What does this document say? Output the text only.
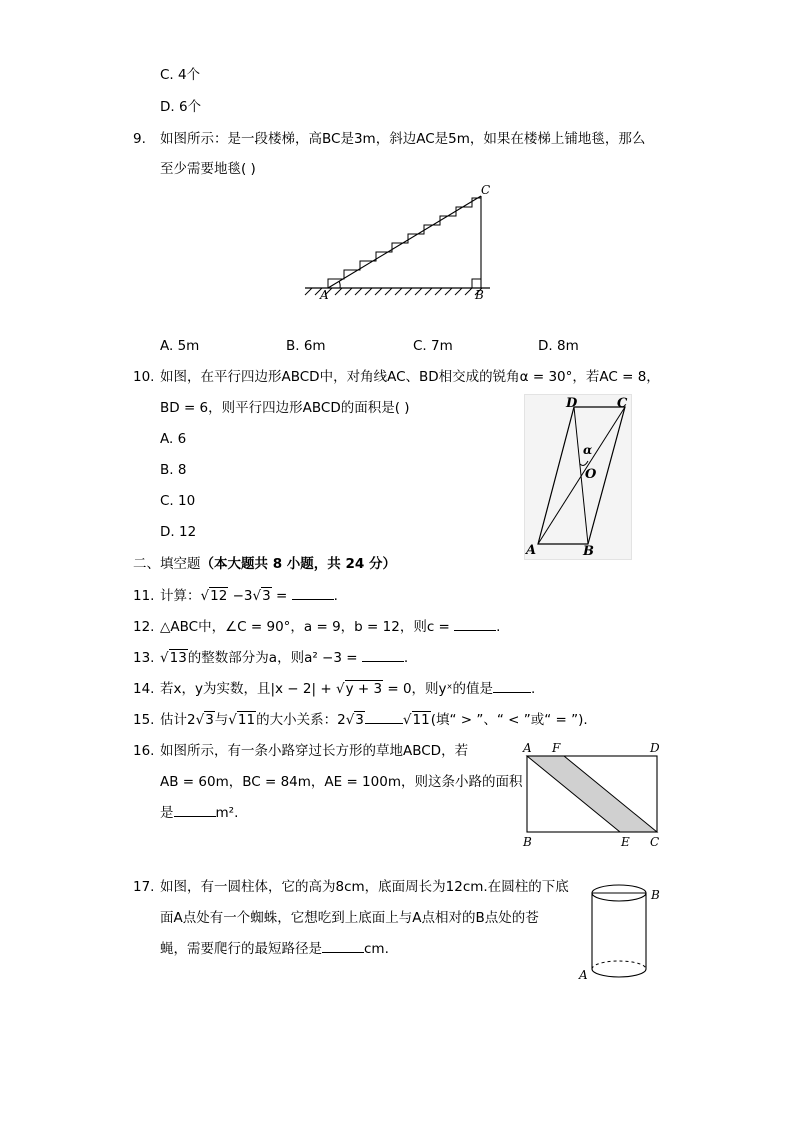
C. 4个
D. 6个
9. 如图所示：是一段楼梯，高BC是3m，斜边AC是5m，如果在楼梯上铺地毯，那么
至少需要地毯( )
A	B
C
A. 5m	B. 6m	C. 7m	D. 8m
10. 如图，在平行四边形ABCD中，对角线AC、BD相交成的锐角α = 30°，若AC = 8，
BD = 6，则平行四边形ABCD的面积是( )
A. 6
B. 8
C. 10
D. 12
D	C
α
O
A	B
二、填空题（本大题共 8 小题，共 24 分）
11. 计算：√12 −3√3 =	.
12. △ABC中，∠C = 90°，a = 9，b = 12，则c =	.
13. √13的整数部分为a，则a² −3 =	.
14. 若x，y为实数，且|x − 2| + √y + 3 = 0，则yˣ的值是	.
15. 估计2√3与√11的大小关系：2√3	√11(填“ > ”、“ < ”或“ = ”).
16. 如图所示，有一条小路穿过长方形的草地ABCD，若
AB = 60m，BC = 84m，AE = 100m，则这条小路的面积
是	m².
A F	D
B	E C
17. 如图，有一圆柱体，它的高为8cm，底面周长为12cm.在圆柱的下底
面A点处有一个蜘蛛，它想吃到上底面上与A点相对的B点处的苍
蝇，需要爬行的最短路径是	cm.
B
A
